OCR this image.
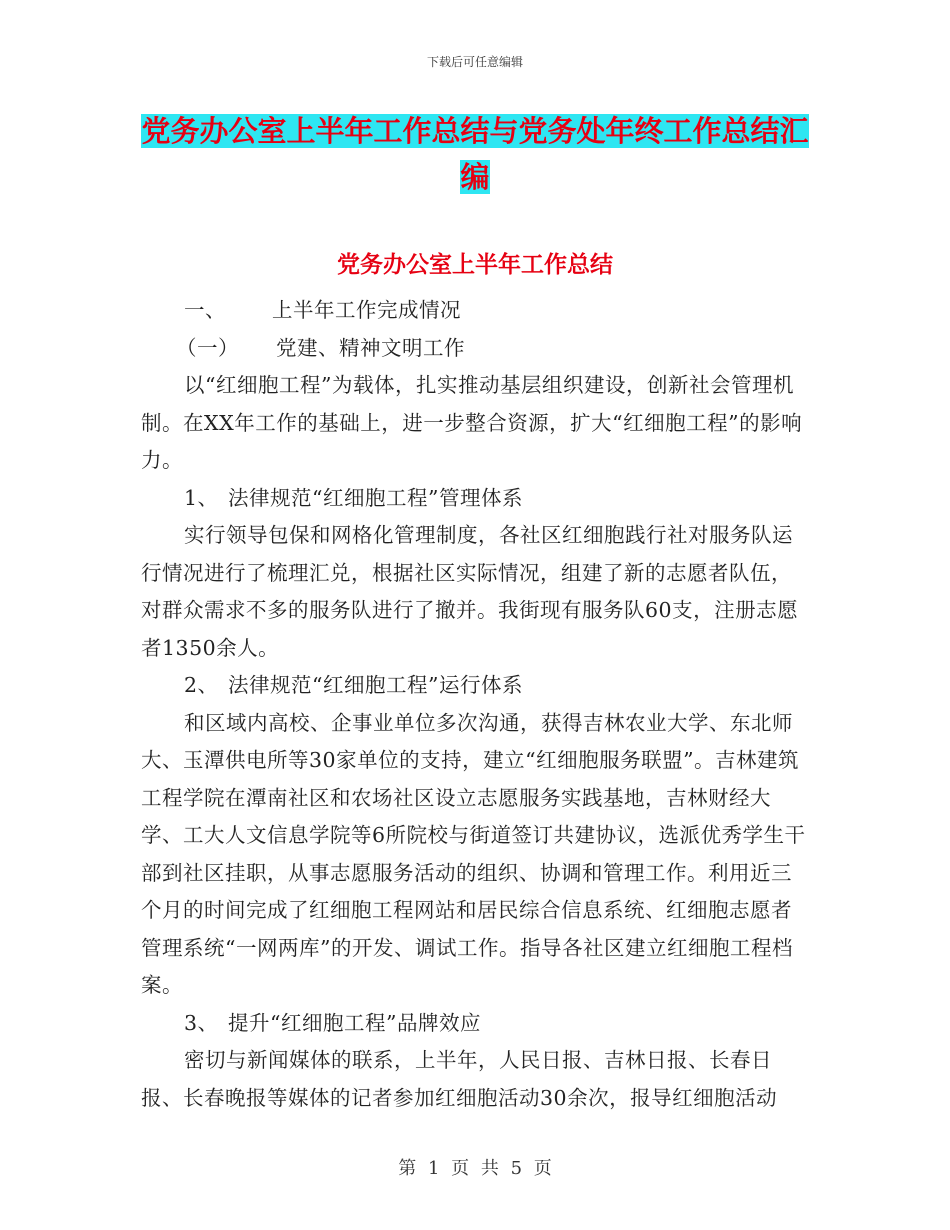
下载后可任意编辑
党务办公室上半年工作总结与党务处年终工作总结汇编
党务办公室上半年工作总结

一、 上半年工作完成情况

（一） 党建、精神文明工作

以“红细胞工程”为载体，扎实推动基层组织建设，创新社会管理机制。在XX年工作的基础上，进一步整合资源，扩大“红细胞工程”的影响力。

1、 法律规范“红细胞工程”管理体系

实行领导包保和网格化管理制度，各社区红细胞践行社对服务队运行情况进行了梳理汇兑，根据社区实际情况，组建了新的志愿者队伍，对群众需求不多的服务队进行了撤并。我街现有服务队60支，注册志愿者1350余人。

2、 法律规范“红细胞工程”运行体系

和区域内高校、企事业单位多次沟通，获得吉林农业大学、东北师大、玉潭供电所等30家单位的支持，建立“红细胞服务联盟”。吉林建筑工程学院在潭南社区和农场社区设立志愿服务实践基地，吉林财经大学、工大人文信息学院等6所院校与街道签订共建协议，选派优秀学生干部到社区挂职，从事志愿服务活动的组织、协调和管理工作。利用近三个月的时间完成了红细胞工程网站和居民综合信息系统、红细胞志愿者管理系统“一网两库”的开发、调试工作。指导各社区建立红细胞工程档案。

3、 提升“红细胞工程”品牌效应

密切与新闻媒体的联系，上半年，人民日报、吉林日报、长春日报、长春晚报等媒体的记者参加红细胞活动30余次，报导红细胞活动

第 1 页 共 5 页
